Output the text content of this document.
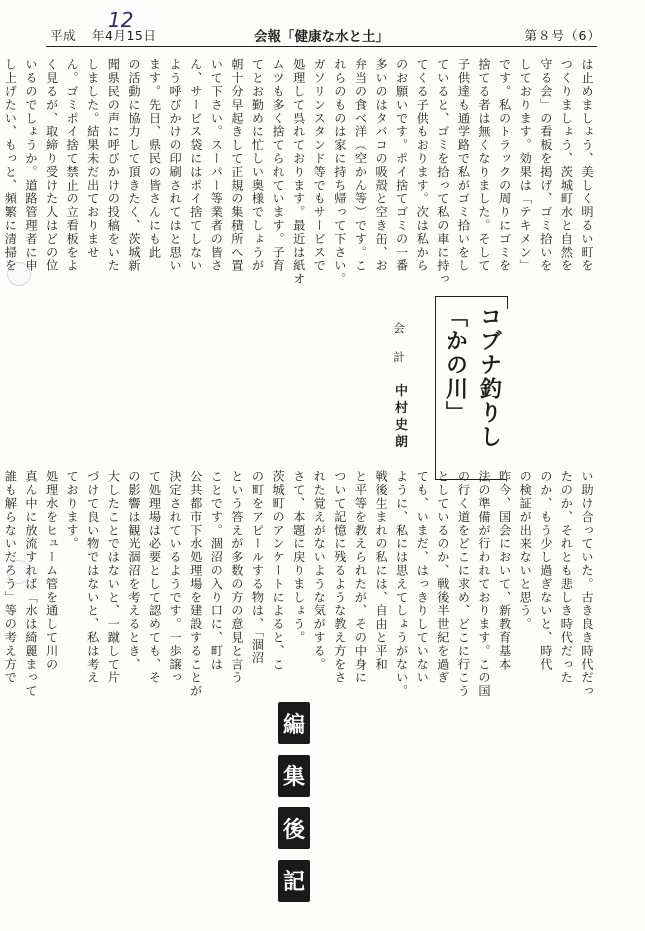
平成 年4月15日
12
会報「健康な水と土」	第８号（6）
は止めましょう、美しく明るい町を
つくりましょう、茨城町水と自然を
守る会」の看板を掲げ、ゴミ拾いを
しております。効果は「テキメン」
です。私のトラックの周りにゴミを
捨てる者は無くなりました。そして
子供達も通学路で私がゴミ拾いをし
ていると、ゴミを拾って私の車に持っ
てくる子供もおります。次は私から
のお願いです。ポイ捨てゴミの一番
多いのはタバコの吸殻と空き缶、お
弁当の食べ洋（空かん等）です。こ
れらのものは家に持ち帰って下さい。
ガソリンスタンド等でもサービスで
処理して呉れております。最近は紙オ
ムツも多く捨てられています。子育
てとお勤めに忙しい奥様でしょうが
朝十分早起きして正規の集積所へ置
いて下さい。スーパー等業者の皆さ
ん、サービス袋にはポイ捨てしない
よう呼びかけの印刷されてはと思い
ます。先日、県民の皆さんにも此
の活動に協力して頂きたく、茨城新
聞県民の声に呼びかけの投稿をいた
しました。結果未だ出ておりませ
ん。ゴミポイ捨て禁止の立看板をよ
く見るが、取締り受けた人はどの位
いるのでしょうか。道路管理者に申
し上げたい、もっと、頻繁に清掃を
コブナ釣りし
「かの川」
会　計中村史朗
い助け合っていた。古き良き時代だっ
たのか、それとも悲しき時代だった
のか、もう少し過ぎないと、時代
の検証が出来ないと思う。
昨今、国会において、新教育基本
法の準備が行われております。この国
の行く道をどこに求め、どこに行こう
としているのか、戦後半世紀を過ぎ
ても、いまだ、はっきりしていない
ように、私には思えてしょうがない。
戦後生まれの私には、自由と平和
と平等を教えられたが、その中身に
ついて記憶に残るような教え方をさ
れた覚えがないような気がする。
さて、本題に戻りましょう。
茨城町のアンケートによると、こ
の町をアピールする物は、「涸沼
という答えが多数の方の意見と言う
ことです。涸沼の入り口に、町は
公共都市下水処理場を建設することが
決定されているようです。一歩譲っ
て処理場は必要として認めても、そ
の影響は観光涸沼を考えるとき、
大したことではないと、一蹴して片
づけて良い物ではないと、私は考え
ております。
処理水をヒューム管を通して川の
真ん中に放流すれば「水は綺麗まって
誰も解らないだろう」等の考え方で
編
集
後
記
